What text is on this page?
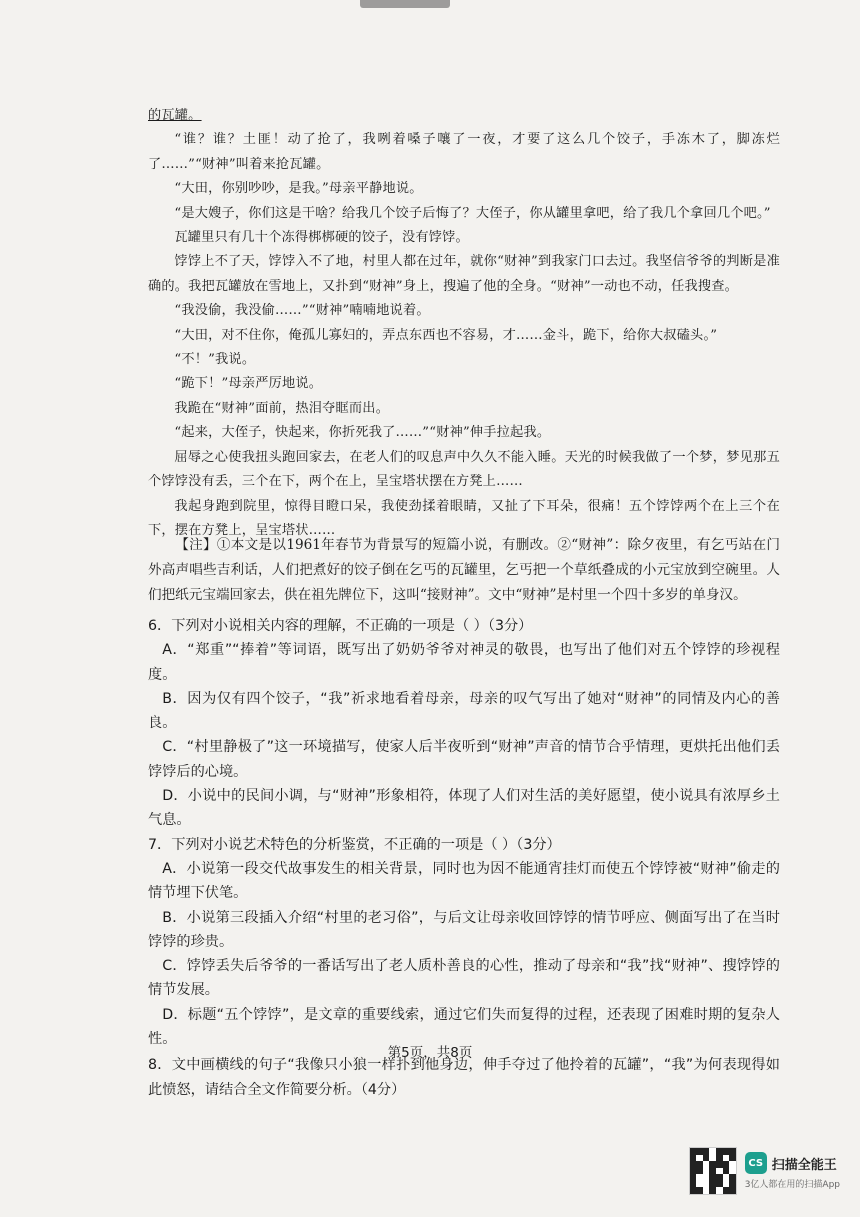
的瓦罐。

“谁？谁？土匪！动了抢了，我咧着嗓子嚷了一夜，才要了这么几个饺子，手冻木了，脚冻烂了……”“财神”叫着来抢瓦罐。

“大田，你别吵吵，是我。”母亲平静地说。

“是大嫂子，你们这是干啥？给我几个饺子后悔了？大侄子，你从罐里拿吧，给了我几个拿回几个吧。”

瓦罐里只有几十个冻得梆梆硬的饺子，没有饽饽。

饽饽上不了天，饽饽入不了地，村里人都在过年，就你“财神”到我家门口去过。我坚信爷爷的判断是准确的。我把瓦罐放在雪地上，又扑到“财神”身上，搜遍了他的全身。“财神”一动也不动，任我搜查。

“我没偷，我没偷……”“财神”喃喃地说着。

“大田，对不住你，俺孤儿寡妇的，弄点东西也不容易，才……金斗，跪下，给你大叔磕头。”

“不！”我说。

“跪下！”母亲严厉地说。

我跪在“财神”面前，热泪夺眶而出。

“起来，大侄子，快起来，你折死我了……”“财神”伸手拉起我。

屈辱之心使我扭头跑回家去，在老人们的叹息声中久久不能入睡。天光的时候我做了一个梦，梦见那五个饽饽没有丢，三个在下，两个在上，呈宝塔状摆在方凳上……

我起身跑到院里，惊得目瞪口呆，我使劲揉着眼睛，又扯了下耳朵，很痛！五个饽饽两个在上三个在下，摆在方凳上，呈宝塔状……

【注】①本文是以1961年春节为背景写的短篇小说，有删改。②“财神”：除夕夜里，有乞丐站在门外高声唱些吉利话，人们把煮好的饺子倒在乞丐的瓦罐里，乞丐把一个草纸叠成的小元宝放到空碗里。人们把纸元宝端回家去，供在祖先牌位下，这叫“接财神”。文中“财神”是村里一个四十多岁的单身汉。

6．下列对小说相关内容的理解，不正确的一项是（ ）（3分）

A．“郑重”“捧着”等词语，既写出了奶奶爷爷对神灵的敬畏，也写出了他们对五个饽饽的珍视程度。

B．因为仅有四个饺子，“我”祈求地看着母亲，母亲的叹气写出了她对“财神”的同情及内心的善良。

C．“村里静极了”这一环境描写，使家人后半夜听到“财神”声音的情节合乎情理，更烘托出他们丢饽饽后的心境。

D．小说中的民间小调，与“财神”形象相符，体现了人们对生活的美好愿望，使小说具有浓厚乡土气息。

7．下列对小说艺术特色的分析鉴赏，不正确的一项是（ ）（3分）

A．小说第一段交代故事发生的相关背景，同时也为因不能通宵挂灯而使五个饽饽被“财神”偷走的情节埋下伏笔。

B．小说第三段插入介绍“村里的老习俗”，与后文让母亲收回饽饽的情节呼应、侧面写出了在当时饽饽的珍贵。

C．饽饽丢失后爷爷的一番话写出了老人质朴善良的心性，推动了母亲和“我”找“财神”、搜饽饽的情节发展。

D．标题“五个饽饽”，是文章的重要线索，通过它们失而复得的过程，还表现了困难时期的复杂人性。

8．文中画横线的句子“我像只小狼一样扑到他身边，伸手夺过了他拎着的瓦罐”，“我”为何表现得如此愤怒，请结合全文作简要分析。（4分）

第5页，共8页
CS 扫描全能王
3亿人都在用的扫描App
